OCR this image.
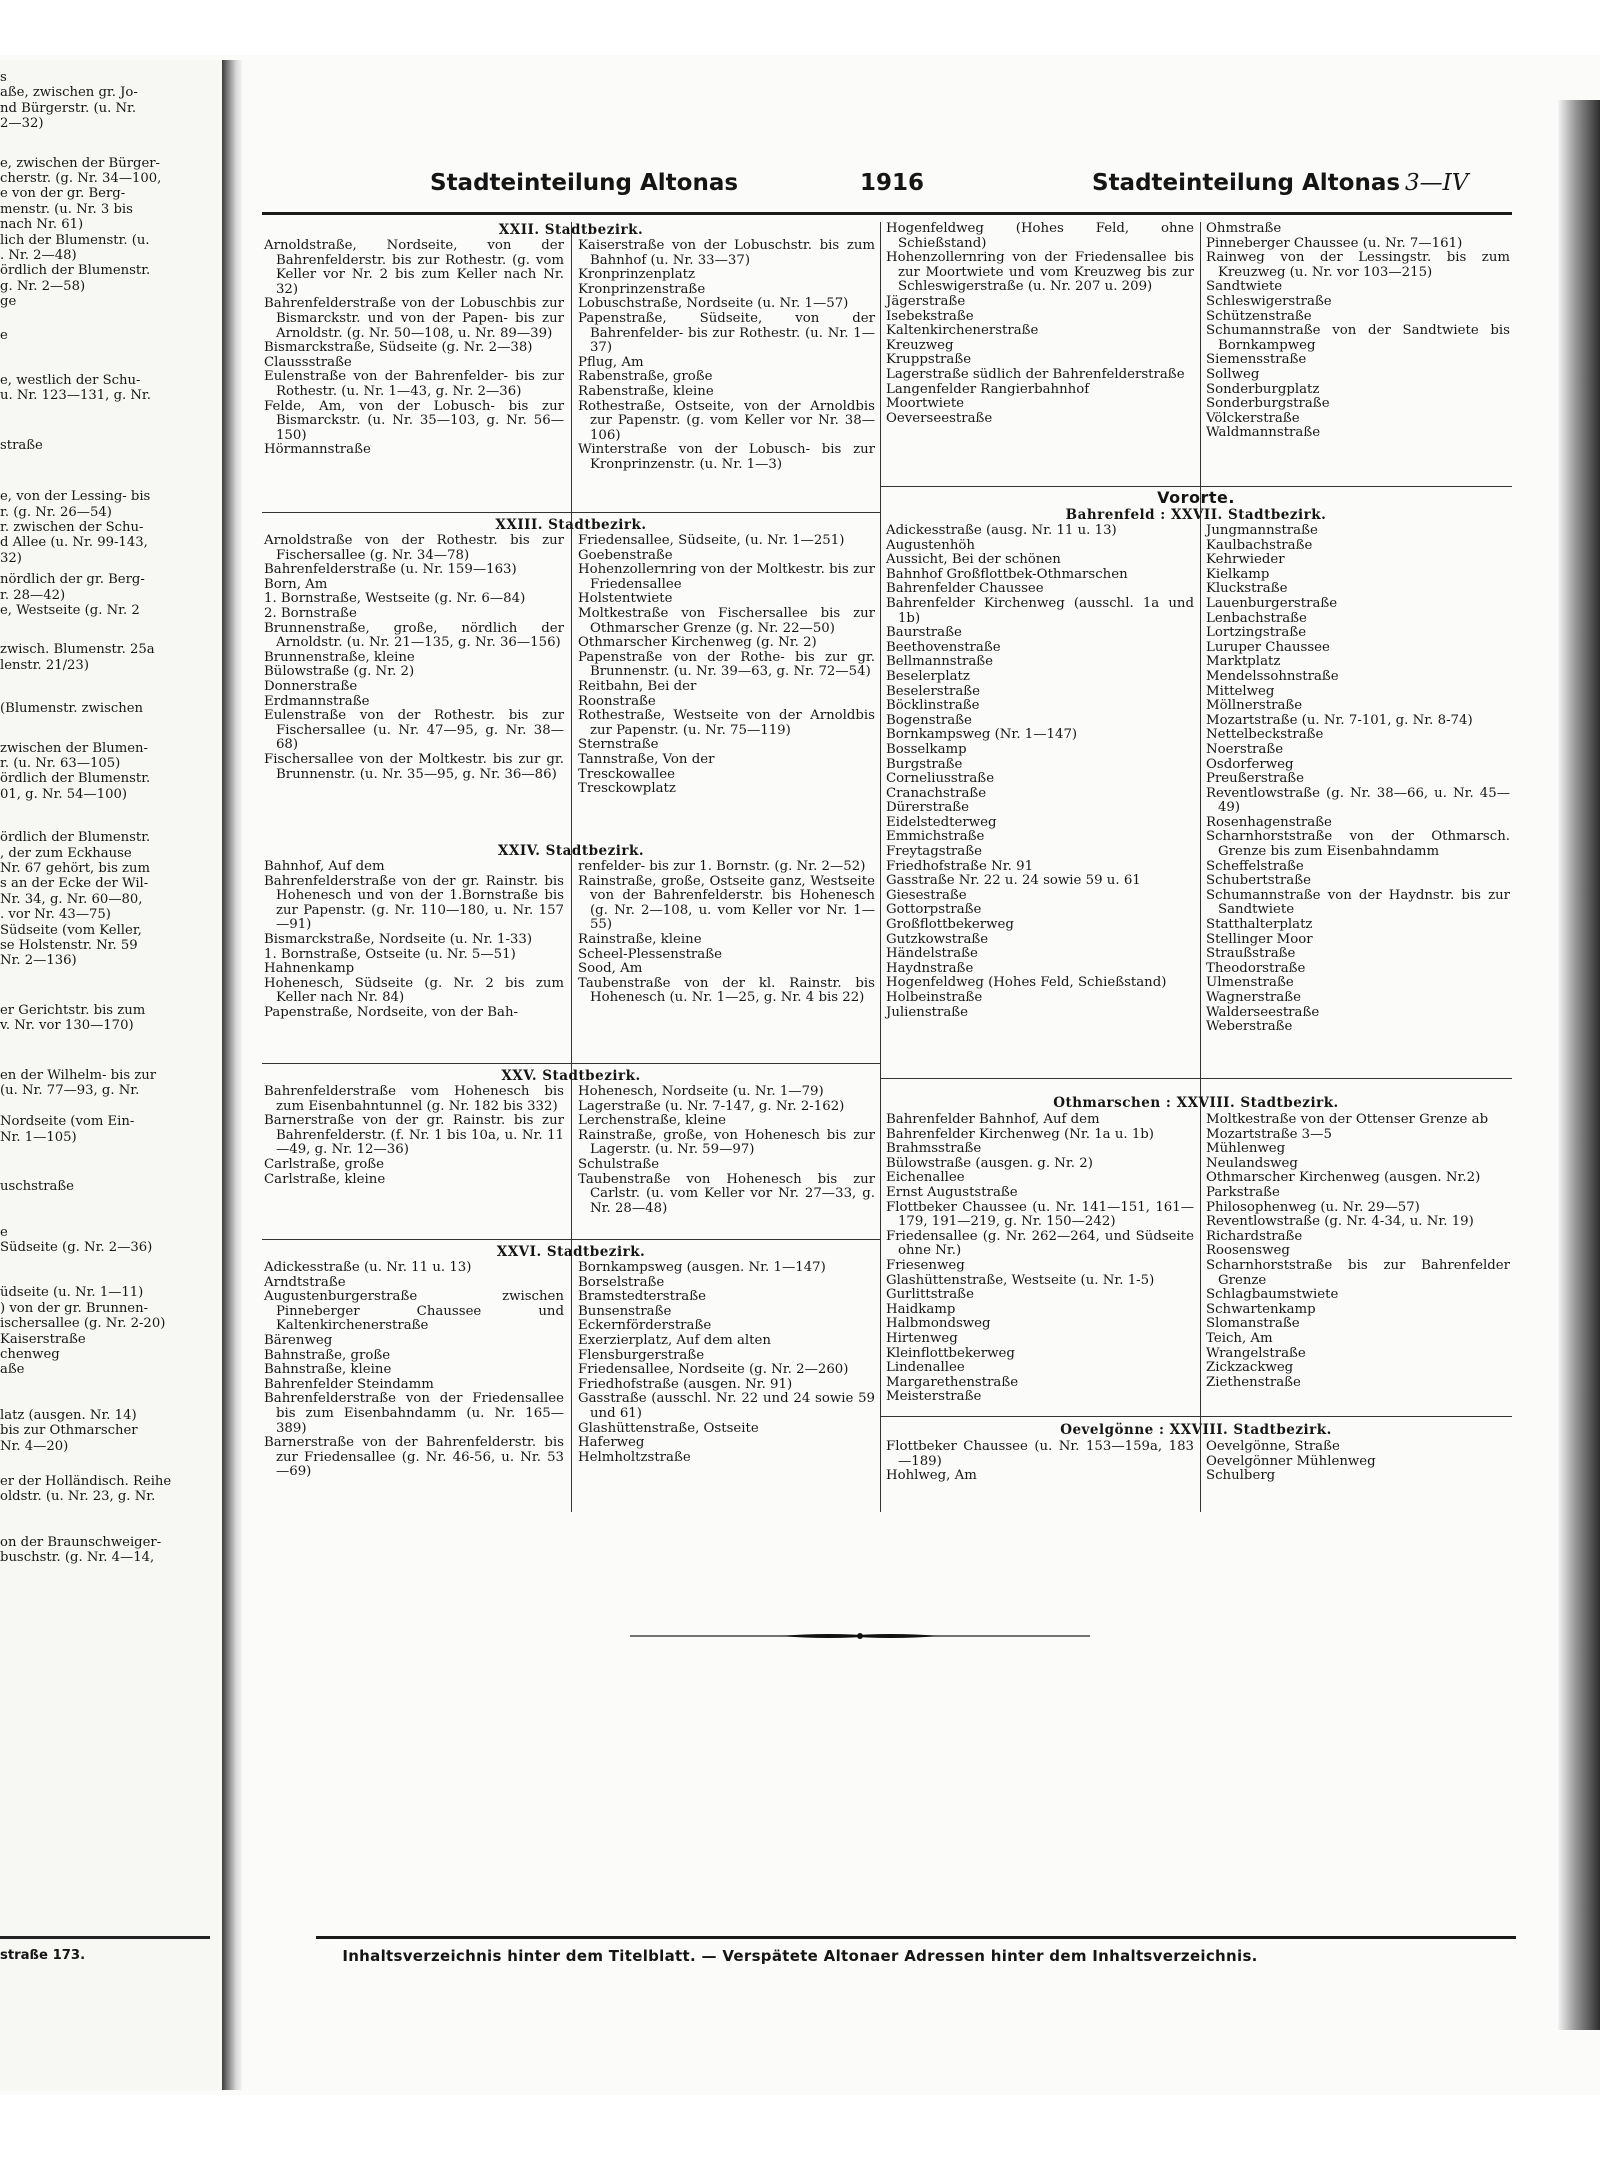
s
aße, zwischen gr. Jo-
nd Bürgerstr. (u. Nr.
2—32)
e, zwischen der Bürger-
cherstr. (g. Nr. 34—100,
e von der gr. Berg-
menstr. (u. Nr. 3 bis
nach Nr. 61)
lich der Blumenstr. (u.
. Nr. 2—48)
ördlich der Blumenstr.
g. Nr. 2—58)
ge
e
e, westlich der Schu-
u. Nr. 123—131, g. Nr.
straße
e, von der Lessing- bis
r. (g. Nr. 26—54)
r. zwischen der Schu-
d Allee (u. Nr. 99-143,
32)
nördlich der gr. Berg-
r. 28—42)
e, Westseite (g. Nr. 2
zwisch. Blumenstr. 25a
lenstr. 21/23)
(Blumenstr. zwischen
zwischen der Blumen-
r. (u. Nr. 63—105)
ördlich der Blumenstr.
01, g. Nr. 54—100)
ördlich der Blumenstr.
, der zum Eckhause
Nr. 67 gehört, bis zum
s an der Ecke der Wil-
Nr. 34, g. Nr. 60—80,
. vor Nr. 43—75)
Südseite (vom Keller,
se Holstenstr. Nr. 59
Nr. 2—136)
er Gerichtstr. bis zum
v. Nr. vor 130—170)
en der Wilhelm- bis zur
(u. Nr. 77—93, g. Nr.
Nordseite (vom Ein-
Nr. 1—105)
uschstraße
e
Südseite (g. Nr. 2—36)
üdseite (u. Nr. 1—11)
) von der gr. Brunnen-
ischersallee (g. Nr. 2-20)
Kaiserstraße
chenweg
aße
latz (ausgen. Nr. 14)
bis zur Othmarscher
Nr. 4—20)
er der Holländisch. Reihe
oldstr. (u. Nr. 23, g. Nr.
on der Braunschweiger-
buschstr. (g. Nr. 4—14,
straße 173.
Stadteinteilung Altonas	1916	Stadteinteilung Altonas 3—IV
XXII. Stadtbezirk.
Arnoldstraße, Nordseite, von der Bahrenfelderstr. bis zur Rothestr. (g. vom Keller vor Nr. 2 bis zum Keller nach Nr. 32)
Bahrenfelderstraße von der Lobuschbis zur Bismarckstr. und von der Papen- bis zur Arnoldstr. (g. Nr. 50—108, u. Nr. 89—39)
Bismarckstraße, Südseite (g. Nr. 2—38)
Claussstraße
Eulenstraße von der Bahrenfelder- bis zur Rothestr. (u. Nr. 1—43, g. Nr. 2—36)
Felde, Am, von der Lobusch- bis zur Bismarckstr. (u. Nr. 35—103, g. Nr. 56—150)
Hörmannstraße
Kaiserstraße von der Lobuschstr. bis zum Bahnhof (u. Nr. 33—37)
Kronprinzenplatz
Kronprinzenstraße
Lobuschstraße, Nordseite (u. Nr. 1—57)
Papenstraße, Südseite, von der Bahrenfelder- bis zur Rothestr. (u. Nr. 1—37)
Pflug, Am
Rabenstraße, große
Rabenstraße, kleine
Rothestraße, Ostseite, von der Arnoldbis zur Papenstr. (g. vom Keller vor Nr. 38—106)
Winterstraße von der Lobusch- bis zur Kronprinzenstr. (u. Nr. 1—3)
XXIII. Stadtbezirk.
Arnoldstraße von der Rothestr. bis zur Fischersallee (g. Nr. 34—78)
Bahrenfelderstraße (u. Nr. 159—163)
Born, Am
1. Bornstraße, Westseite (g. Nr. 6—84)
2. Bornstraße
Brunnenstraße, große, nördlich der Arnoldstr. (u. Nr. 21—135, g. Nr. 36—156)
Brunnenstraße, kleine
Bülowstraße (g. Nr. 2)
Donnerstraße
Erdmannstraße
Eulenstraße von der Rothestr. bis zur Fischersallee (u. Nr. 47—95, g. Nr. 38—68)
Fischersallee von der Moltkestr. bis zur gr. Brunnenstr. (u. Nr. 35—95, g. Nr. 36—86)
Friedensallee, Südseite, (u. Nr. 1—251)
Goebenstraße
Hohenzollernring von der Moltkestr. bis zur Friedensallee
Holstentwiete
Moltkestraße von Fischersallee bis zur Othmarscher Grenze (g. Nr. 22—50)
Othmarscher Kirchenweg (g. Nr. 2)
Papenstraße von der Rothe- bis zur gr. Brunnenstr. (u. Nr. 39—63, g. Nr. 72—54)
Reitbahn, Bei der
Roonstraße
Rothestraße, Westseite von der Arnoldbis zur Papenstr. (u. Nr. 75—119)
Sternstraße
Tannstraße, Von der
Tresckowallee
Tresckowplatz
XXIV. Stadtbezirk.
Bahnhof, Auf dem
Bahrenfelderstraße von der gr. Rainstr. bis Hohenesch und von der 1.Bornstraße bis zur Papenstr. (g. Nr. 110—180, u. Nr. 157—91)
Bismarckstraße, Nordseite (u. Nr. 1-33)
1. Bornstraße, Ostseite (u. Nr. 5—51)
Hahnenkamp
Hohenesch, Südseite (g. Nr. 2 bis zum Keller nach Nr. 84)
Papenstraße, Nordseite, von der Bah-
renfelder- bis zur 1. Bornstr. (g. Nr. 2—52)
Rainstraße, große, Ostseite ganz, Westseite von der Bahrenfelderstr. bis Hohenesch (g. Nr. 2—108, u. vom Keller vor Nr. 1—55)
Rainstraße, kleine
Scheel-Plessenstraße
Sood, Am
Taubenstraße von der kl. Rainstr. bis Hohenesch (u. Nr. 1—25, g. Nr. 4 bis 22)
XXV. Stadtbezirk.
Bahrenfelderstraße vom Hohenesch bis zum Eisenbahntunnel (g. Nr. 182 bis 332)
Barnerstraße von der gr. Rainstr. bis zur Bahrenfelderstr. (f. Nr. 1 bis 10a, u. Nr. 11—49, g. Nr. 12—36)
Carlstraße, große
Carlstraße, kleine
Hohenesch, Nordseite (u. Nr. 1—79)
Lagerstraße (u. Nr. 7-147, g. Nr. 2-162)
Lerchenstraße, kleine
Rainstraße, große, von Hohenesch bis zur Lagerstr. (u. Nr. 59—97)
Schulstraße
Taubenstraße von Hohenesch bis zur Carlstr. (u. vom Keller vor Nr. 27—33, g. Nr. 28—48)
XXVI. Stadtbezirk.
Adickesstraße (u. Nr. 11 u. 13)
Arndtstraße
Augustenburgerstraße zwischen Pinneberger Chaussee und Kaltenkirchenerstraße
Bärenweg
Bahnstraße, große
Bahnstraße, kleine
Bahrenfelder Steindamm
Bahrenfelderstraße von der Friedensallee bis zum Eisenbahndamm (u. Nr. 165—389)
Barnerstraße von der Bahrenfelderstr. bis zur Friedensallee (g. Nr. 46-56, u. Nr. 53—69)
Bornkampsweg (ausgen. Nr. 1—147)
Borselstraße
Bramstedterstraße
Bunsenstraße
Eckernförderstraße
Exerzierplatz, Auf dem alten
Flensburgerstraße
Friedensallee, Nordseite (g. Nr. 2—260)
Friedhofstraße (ausgen. Nr. 91)
Gasstraße (ausschl. Nr. 22 und 24 sowie 59 und 61)
Glashüttenstraße, Ostseite
Haferweg
Helmholtzstraße
Hogenfeldweg (Hohes Feld, ohne Schießstand)
Hohenzollernring von der Friedensallee bis zur Moortwiete und vom Kreuzweg bis zur Schleswigerstraße (u. Nr. 207 u. 209)
Jägerstraße
Isebekstraße
Kaltenkirchenerstraße
Kreuzweg
Kruppstraße
Lagerstraße südlich der Bahrenfelderstraße
Langenfelder Rangierbahnhof
Moortwiete
Oeverseestraße
Ohmstraße
Pinneberger Chaussee (u. Nr. 7—161)
Rainweg von der Lessingstr. bis zum Kreuzweg (u. Nr. vor 103—215)
Sandtwiete
Schleswigerstraße
Schützenstraße
Schumannstraße von der Sandtwiete bis Bornkampweg
Siemensstraße
Sollweg
Sonderburgplatz
Sonderburgstraße
Völckerstraße
Waldmannstraße
Vororte.
Bahrenfeld : XXVII. Stadtbezirk.
Adickesstraße (ausg. Nr. 11 u. 13)
Augustenhöh
Aussicht, Bei der schönen
Bahnhof Großflottbek-Othmarschen
Bahrenfelder Chaussee
Bahrenfelder Kirchenweg (ausschl. 1a und 1b)
Baurstraße
Beethovenstraße
Bellmannstraße
Beselerplatz
Beselerstraße
Böcklinstraße
Bogenstraße
Bornkampsweg (Nr. 1—147)
Bosselkamp
Burgstraße
Corneliusstraße
Cranachstraße
Dürerstraße
Eidelstedterweg
Emmichstraße
Freytagstraße
Friedhofstraße Nr. 91
Gasstraße Nr. 22 u. 24 sowie 59 u. 61
Giesestraße
Gottorpstraße
Großflottbekerweg
Gutzkowstraße
Händelstraße
Haydnstraße
Hogenfeldweg (Hohes Feld, Schießstand)
Holbeinstraße
Julienstraße
Jungmannstraße
Kaulbachstraße
Kehrwieder
Kielkamp
Kluckstraße
Lauenburgerstraße
Lenbachstraße
Lortzingstraße
Luruper Chaussee
Marktplatz
Mendelssohnstraße
Mittelweg
Möllnerstraße
Mozartstraße (u. Nr. 7-101, g. Nr. 8-74)
Nettelbeckstraße
Noerstraße
Osdorferweg
Preußerstraße
Reventlowstraße (g. Nr. 38—66, u. Nr. 45—49)
Rosenhagenstraße
Scharnhorststraße von der Othmarsch. Grenze bis zum Eisenbahndamm
Scheffelstraße
Schubertstraße
Schumannstraße von der Haydnstr. bis zur Sandtwiete
Statthalterplatz
Stellinger Moor
Straußstraße
Theodorstraße
Ulmenstraße
Wagnerstraße
Walderseestraße
Weberstraße
Othmarschen : XXVIII. Stadtbezirk.
Bahrenfelder Bahnhof, Auf dem
Bahrenfelder Kirchenweg (Nr. 1a u. 1b)
Brahmsstraße
Bülowstraße (ausgen. g. Nr. 2)
Eichenallee
Ernst Auguststraße
Flottbeker Chaussee (u. Nr. 141—151, 161—179, 191—219, g. Nr. 150—242)
Friedensallee (g. Nr. 262—264, und Südseite ohne Nr.)
Friesenweg
Glashüttenstraße, Westseite (u. Nr. 1-5)
Gurlittstraße
Haidkamp
Halbmondsweg
Hirtenweg
Kleinflottbekerweg
Lindenallee
Margarethenstraße
Meisterstraße
Moltkestraße von der Ottenser Grenze ab
Mozartstraße 3—5
Mühlenweg
Neulandsweg
Othmarscher Kirchenweg (ausgen. Nr.2)
Parkstraße
Philosophenweg (u. Nr. 29—57)
Reventlowstraße (g. Nr. 4-34, u. Nr. 19)
Richardstraße
Roosensweg
Scharnhorststraße bis zur Bahrenfelder Grenze
Schlagbaumstwiete
Schwartenkamp
Slomanstraße
Teich, Am
Wrangelstraße
Zickzackweg
Ziethenstraße
Oevelgönne : XXVIII. Stadtbezirk.
Flottbeker Chaussee (u. Nr. 153—159a, 183—189)
Hohlweg, Am
Oevelgönne, Straße
Oevelgönner Mühlenweg
Schulberg
Inhaltsverzeichnis hinter dem Titelblatt. — Verspätete Altonaer Adressen hinter dem Inhaltsverzeichnis.
